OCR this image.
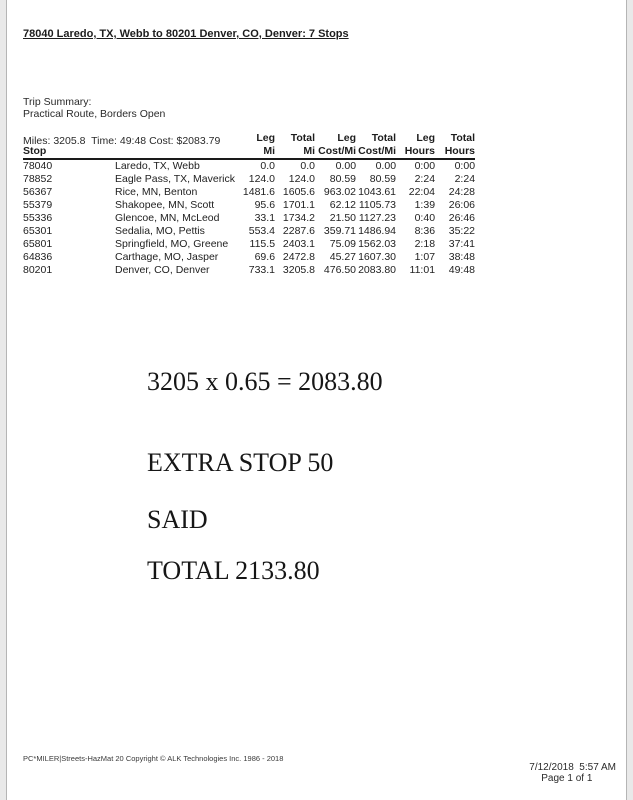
78040 Laredo, TX, Webb to 80201 Denver, CO, Denver: 7 Stops

Trip Summary:

Miles: 3205.8  Time: 49:48 Cost: $2083.79

Practical Route, Borders Open
		Leg	Total	Leg	Total	Leg	Total
Stop		Mi	Mi	Cost/Mi	Cost/Mi	Hours	Hours
78040	Laredo, TX, Webb	0.0	0.0	0.00	0.00	0:00	0:00
78852	Eagle Pass, TX, Maverick	124.0	124.0	80.59	80.59	2:24	2:24
56367	Rice, MN, Benton	1481.6	1605.6	963.02	1043.61	22:04	24:28
55379	Shakopee, MN, Scott	95.6	1701.1	62.12	1105.73	1:39	26:06
55336	Glencoe, MN, McLeod	33.1	1734.2	21.50	1127.23	0:40	26:46
65301	Sedalia, MO, Pettis	553.4	2287.6	359.71	1486.94	8:36	35:22
65801	Springfield, MO, Greene	115.5	2403.1	75.09	1562.03	2:18	37:41
64836	Carthage, MO, Jasper	69.6	2472.8	45.27	1607.30	1:07	38:48
80201	Denver, CO, Denver	733.1	3205.8	476.50	2083.80	11:01	49:48

3205 x 0.65 = 2083.80

EXTRA STOP 50

TOTAL 2133.80

SAID
PC*MILER|Streets-HazMat 20 Copyright © ALK Technologies Inc. 1986 - 2018

7/12/2018  5:57 AM
Page 1 of 1
